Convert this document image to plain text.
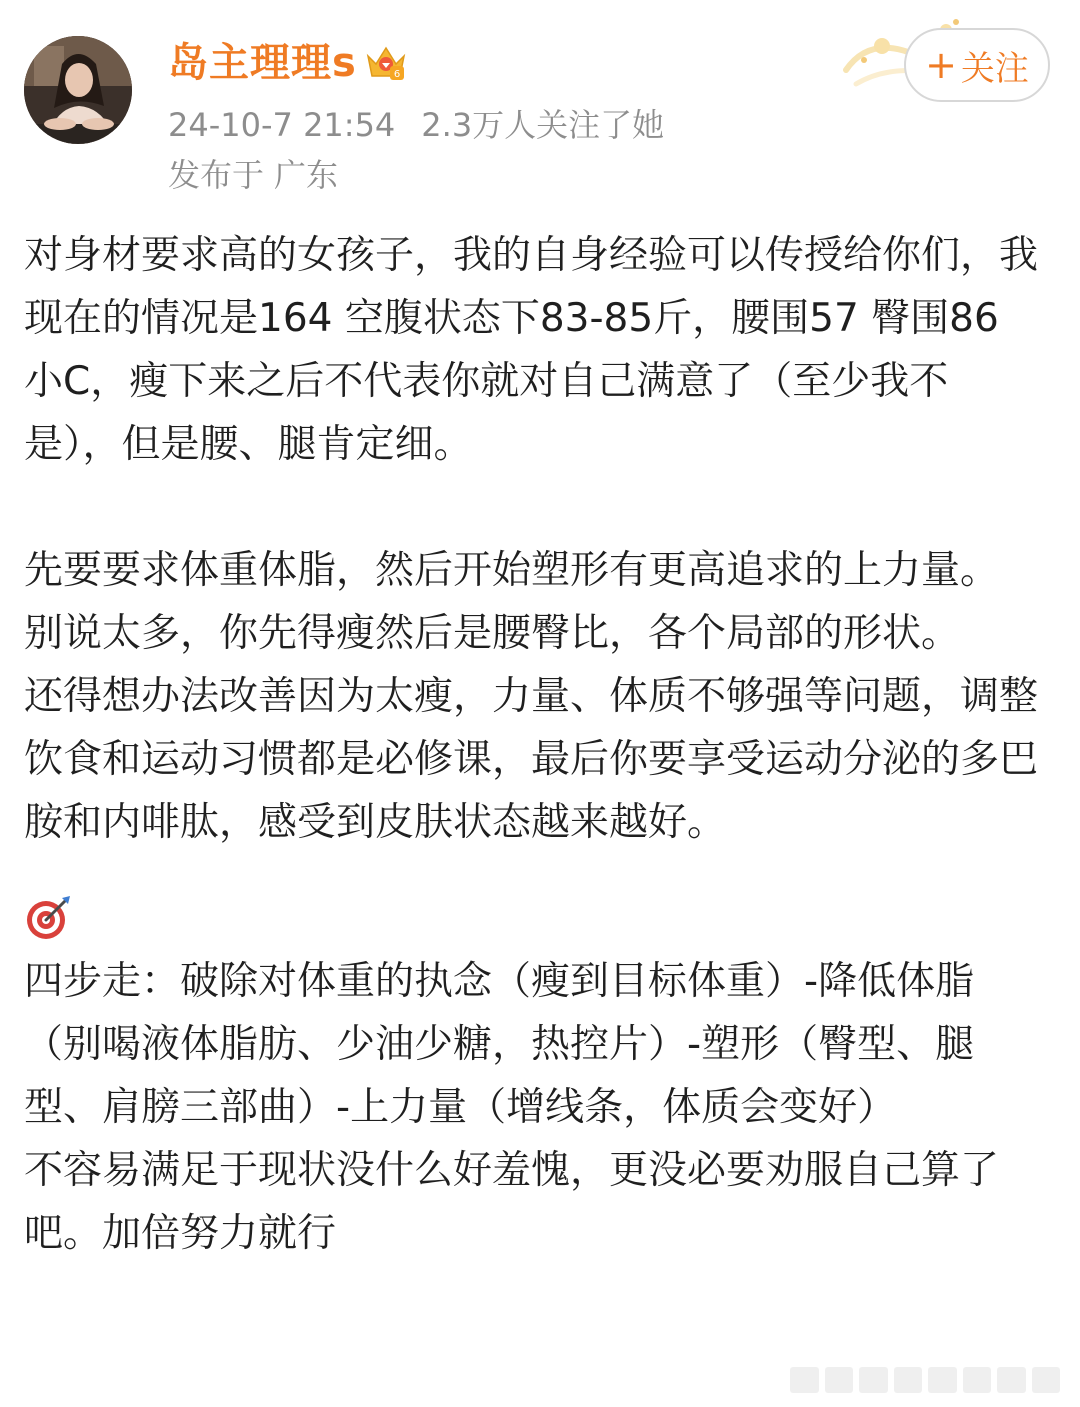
岛主理理s	6
24-10-7 21:54 2.3万人关注了她
发布于 广东
+ 关注

对身材要求高的女孩子，我的自身经验可以传授给你们，我现在的情况是164 空腹状态下83-85斤，腰围57 臀围86 小C，瘦下来之后不代表你就对自己满意了（至少我不是），但是腰、腿肯定细。

先要要求体重体脂，然后开始塑形有更高追求的上力量。

别说太多，你先得瘦然后是腰臀比，各个局部的形状。

还得想办法改善因为太瘦，力量、体质不够强等问题，调整饮食和运动习惯都是必修课，最后你要享受运动分泌的多巴胺和内啡肽，感受到皮肤状态越来越好。

四步走：破除对体重的执念（瘦到目标体重）-降低体脂（别喝液体脂肪、少油少糖，热控片）-塑形（臀型、腿型、肩膀三部曲）-上力量（增线条，体质会变好）

不容易满足于现状没什么好羞愧，更没必要劝服自己算了吧。加倍努力就行
